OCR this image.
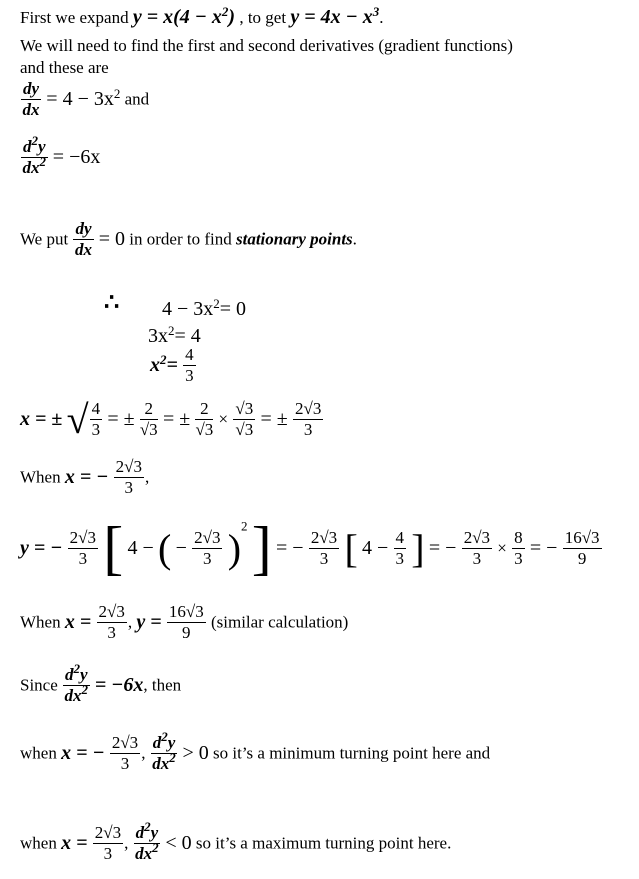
First we expand $y = x(4 - x^2)$ , to get $y = 4x - x^3$.
We will need to find the first and second derivatives (gradient functions)
and these are
$\frac{dy}{dx} = 4 - 3x^2$ and
$\frac{d^2y}{dx^2} = -6x$
We put $\frac{dy}{dx} = 0$ in order to find stationary points.
∴ $4 - 3x^2= 0$
$3x^2= 4$
$x^2= \frac{4}{3}$
x = ± √ $\frac{4}{3}$ = ± $\frac{2}{√3}$ = ± $\frac{2}{√3} \times \frac{√3}{√3}$ = ± $\frac{2√3}{3}$
When x = − $\frac{2√3}{3}$ ,
y = − $\frac{2√3}{3}$ [ 4 − ( − $\frac{2√3}{3} )^2$ ] = − $\frac{2√3}{3}$ [ $4 - \frac{4}{3}$ ] = − $\frac{2√3}{3} \times \frac{8}{3}$ = − $\frac{16√3}{9}$
When $x = \frac{2√3}{3}$ , $y = \frac{16√3}{9}$ (similar calculation)
Since $\frac{d^2y}{dx^2} = -6x$, then
when x = − $\frac{2√3}{3}$ , $\frac{d^2y}{dx^2} > 0$ so it’s a minimum turning point here and
when $x = \frac{2√3}{3}$ , $\frac{d^2y}{dx^2} < 0$ so it’s a maximum turning point here.
